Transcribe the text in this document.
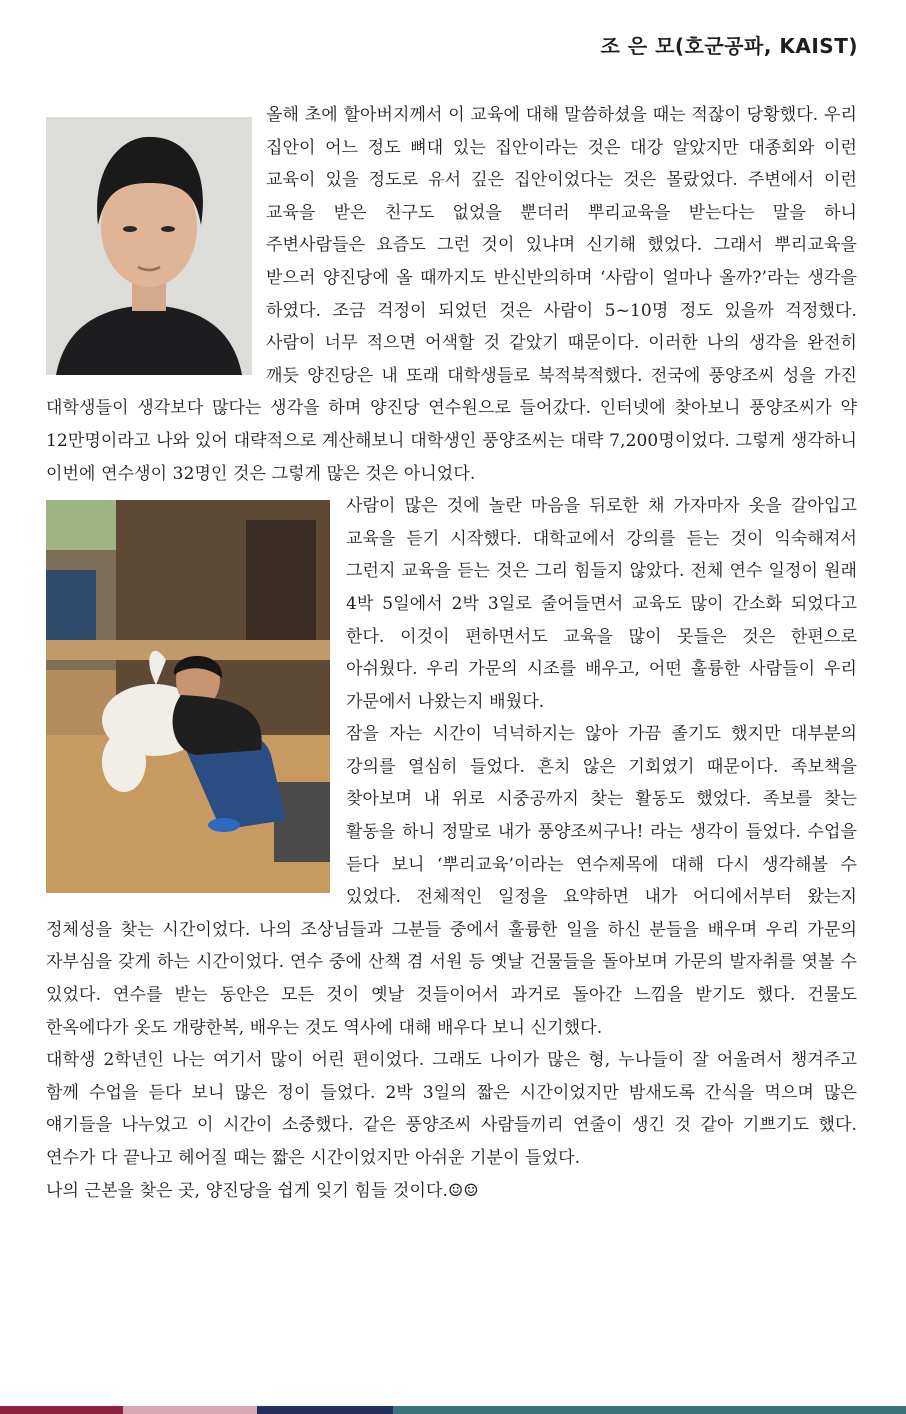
조 은 모(호군공파, KAIST)

올해 초에 할아버지께서 이 교육에 대해 말씀하셨을 때는 적잖이 당황했다. 우리 집안이 어느 정도 뼈대 있는 집안이라는 것은 대강 알았지만 대종회와 이런 교육이 있을 정도로 유서 깊은 집안이었다는 것은 몰랐었다. 주변에서 이런 교육을 받은 친구도 없었을 뿐더러 뿌리교육을 받는다는 말을 하니 주변사람들은 요즘도 그런 것이 있냐며 신기해 했었다. 그래서 뿌리교육을 받으러 양진당에 올 때까지도 반신반의하며 ‘사람이 얼마나 올까?’라는 생각을 하였다. 조금 걱정이 되었던 것은 사람이 5~10명 정도 있을까 걱정했다. 사람이 너무 적으면 어색할 것 같았기 때문이다. 이러한 나의 생각을 완전히 깨듯 양진당은 내 또래 대학생들로 북적북적했다. 전국에 풍양조씨 성을 가진 대학생들이 생각보다 많다는 생각을 하며 양진당 연수원으로 들어갔다. 인터넷에 찾아보니 풍양조씨가 약 12만명이라고 나와 있어 대략적으로 계산해보니 대학생인 풍양조씨는 대략 7,200명이었다. 그렇게 생각하니 이번에 연수생이 32명인 것은 그렇게 많은 것은 아니었다.

사람이 많은 것에 놀란 마음을 뒤로한 채 가자마자 옷을 갈아입고 교육을 듣기 시작했다. 대학교에서 강의를 듣는 것이 익숙해져서 그런지 교육을 듣는 것은 그리 힘들지 않았다. 전체 연수 일정이 원래 4박 5일에서 2박 3일로 줄어들면서 교육도 많이 간소화 되었다고 한다. 이것이 편하면서도 교육을 많이 못들은 것은 한편으로 아쉬웠다. 우리 가문의 시조를 배우고, 어떤 훌륭한 사람들이 우리 가문에서 나왔는지 배웠다.

잠을 자는 시간이 넉넉하지는 않아 가끔 졸기도 했지만 대부분의 강의를 열심히 들었다. 흔치 않은 기회였기 때문이다. 족보책을 찾아보며 내 위로 시중공까지 찾는 활동도 했었다. 족보를 찾는 활동을 하니 정말로 내가 풍양조씨구나! 라는 생각이 들었다. 수업을 듣다 보니 ‘뿌리교육’이라는 연수제목에 대해 다시 생각해볼 수 있었다. 전체적인 일정을 요약하면 내가 어디에서부터 왔는지 정체성을 찾는 시간이었다. 나의 조상님들과 그분들 중에서 훌륭한 일을 하신 분들을 배우며 우리 가문의 자부심을 갖게 하는 시간이었다. 연수 중에 산책 겸 서원 등 옛날 건물들을 돌아보며 가문의 발자취를 엿볼 수 있었다. 연수를 받는 동안은 모든 것이 옛날 것들이어서 과거로 돌아간 느낌을 받기도 했다. 건물도 한옥에다가 옷도 개량한복, 배우는 것도 역사에 대해 배우다 보니 신기했다.

대학생 2학년인 나는 여기서 많이 어린 편이었다. 그래도 나이가 많은 형, 누나들이 잘 어울려서 챙겨주고 함께 수업을 듣다 보니 많은 정이 들었다. 2박 3일의 짧은 시간이었지만 밤새도록 간식을 먹으며 많은 얘기들을 나누었고 이 시간이 소중했다. 같은 풍양조씨 사람들끼리 연줄이 생긴 것 같아 기쁘기도 했다. 연수가 다 끝나고 헤어질 때는 짧은 시간이었지만 아쉬운 기분이 들었다.

나의 근본을 찾은 곳, 양진당을 쉽게 잊기 힘들 것이다.☺☺
